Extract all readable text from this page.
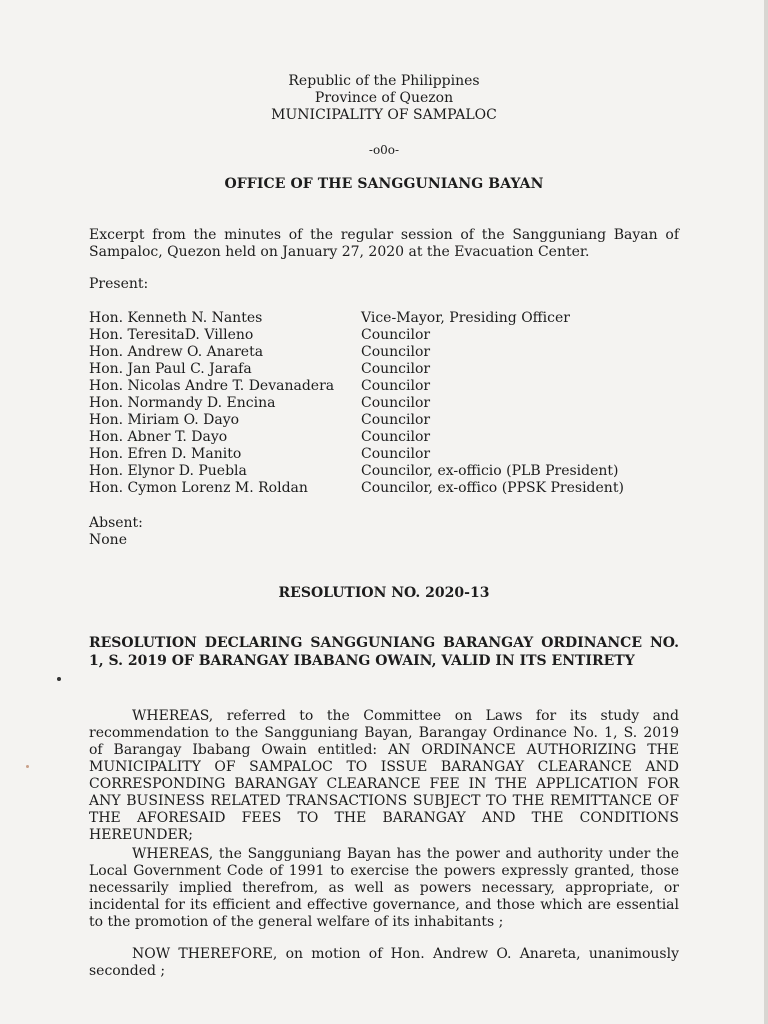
Republic of the Philippines
Province of Quezon
MUNICIPALITY OF SAMPALOC
-o0o-
OFFICE OF THE SANGGUNIANG BAYAN
Excerpt from the minutes of the regular session of the Sangguniang Bayan of Sampaloc, Quezon held on January 27, 2020 at the Evacuation Center.
Present:
Hon. Kenneth N. Nantes	Vice-Mayor, Presiding Officer
Hon. TeresitaD. Villeno	Councilor
Hon. Andrew O. Anareta	Councilor
Hon. Jan Paul C. Jarafa	Councilor
Hon. Nicolas Andre T. Devanadera Councilor
Hon. Normandy D. Encina	Councilor
Hon. Miriam O. Dayo	Councilor
Hon. Abner T. Dayo	Councilor
Hon. Efren D. Manito	Councilor
Hon. Elynor D. Puebla	Councilor, ex-officio (PLB President)
Hon. Cymon Lorenz M. Roldan	Councilor, ex-offico (PPSK President)
Absent:
None
RESOLUTION NO. 2020-13
RESOLUTION DECLARING SANGGUNIANG BARANGAY ORDINANCE NO. 1, S. 2019 OF BARANGAY IBABANG OWAIN, VALID IN ITS ENTIRETY
WHEREAS, referred to the Committee on Laws for its study and recommendation to the Sangguniang Bayan, Barangay Ordinance No. 1, S. 2019 of Barangay Ibabang Owain entitled: AN ORDINANCE AUTHORIZING THE MUNICIPALITY OF SAMPALOC TO ISSUE BARANGAY CLEARANCE AND CORRESPONDING BARANGAY CLEARANCE FEE IN THE APPLICATION FOR ANY BUSINESS RELATED TRANSACTIONS SUBJECT TO THE REMITTANCE OF THE AFORESAID FEES TO THE BARANGAY AND THE CONDITIONS HEREUNDER;
WHEREAS, the Sangguniang Bayan has the power and authority under the Local Government Code of 1991 to exercise the powers expressly granted, those necessarily implied therefrom, as well as powers necessary, appropriate, or incidental for its efficient and effective governance, and those which are essential to the promotion of the general welfare of its inhabitants ;
NOW THEREFORE, on motion of Hon. Andrew O. Anareta, unanimously seconded ;
